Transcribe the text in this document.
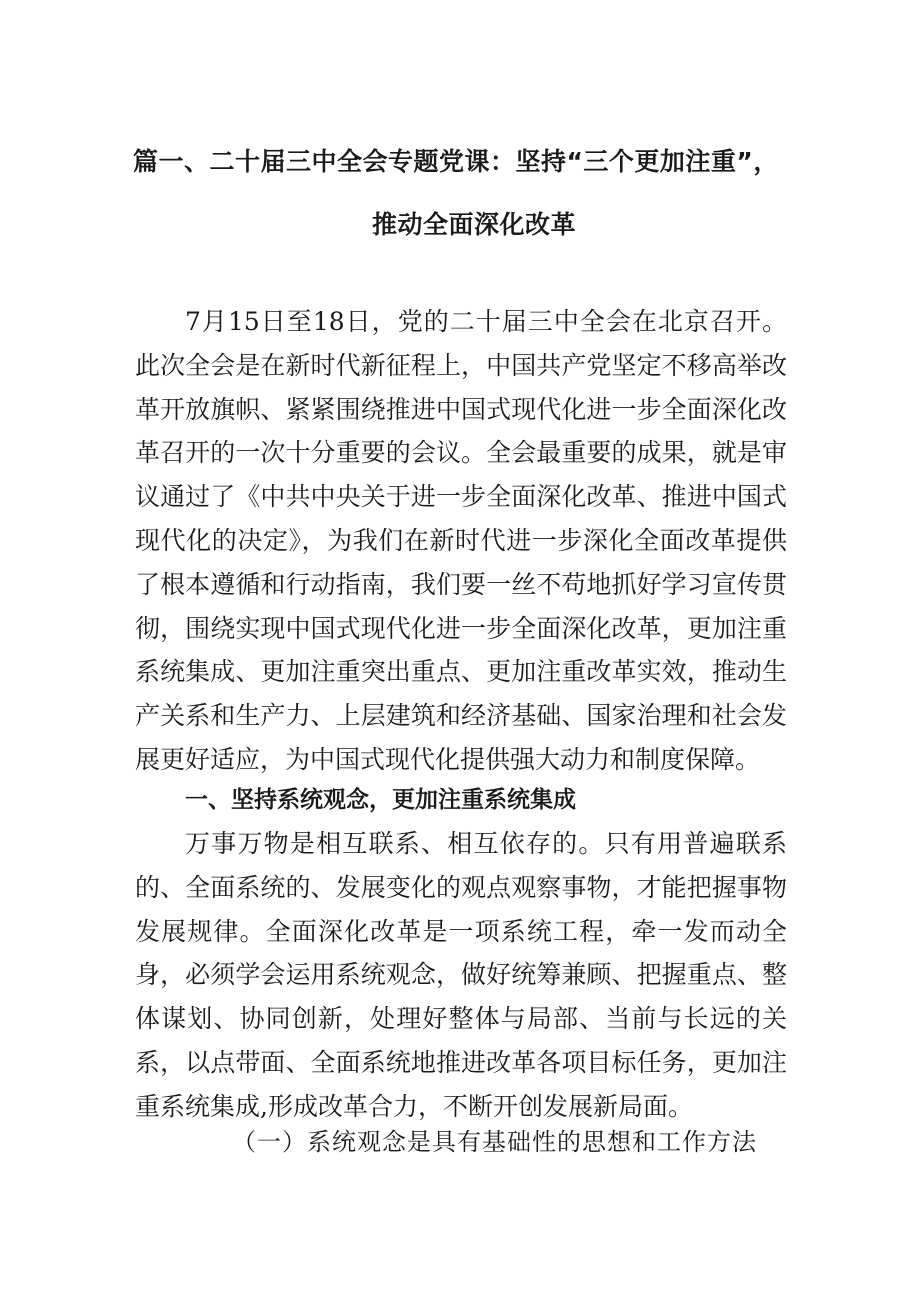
篇一、二十届三中全会专题党课：坚持“三个更加注重”，
推动全面深化改革

7月15日至18日，党的二十届三中全会在北京召开。此次全会是在新时代新征程上，中国共产党坚定不移高举改革开放旗帜、紧紧围绕推进中国式现代化进一步全面深化改革召开的一次十分重要的会议。全会最重要的成果，就是审议通过了《中共中央关于进一步全面深化改革、推进中国式现代化的决定》，为我们在新时代进一步深化全面改革提供了根本遵循和行动指南，我们要一丝不苟地抓好学习宣传贯彻，围绕实现中国式现代化进一步全面深化改革，更加注重系统集成、更加注重突出重点、更加注重改革实效，推动生产关系和生产力、上层建筑和经济基础、国家治理和社会发展更好适应，为中国式现代化提供强大动力和制度保障。

一、坚持系统观念，更加注重系统集成

万事万物是相互联系、相互依存的。只有用普遍联系的、全面系统的、发展变化的观点观察事物，才能把握事物发展规律。全面深化改革是一项系统工程，牵一发而动全身，必须学会运用系统观念，做好统筹兼顾、把握重点、整体谋划、协同创新，处理好整体与局部、当前与长远的关系，以点带面、全面系统地推进改革各项目标任务，更加注重系统集成,形成改革合力，不断开创发展新局面。

（一）系统观念是具有基础性的思想和工作方法
